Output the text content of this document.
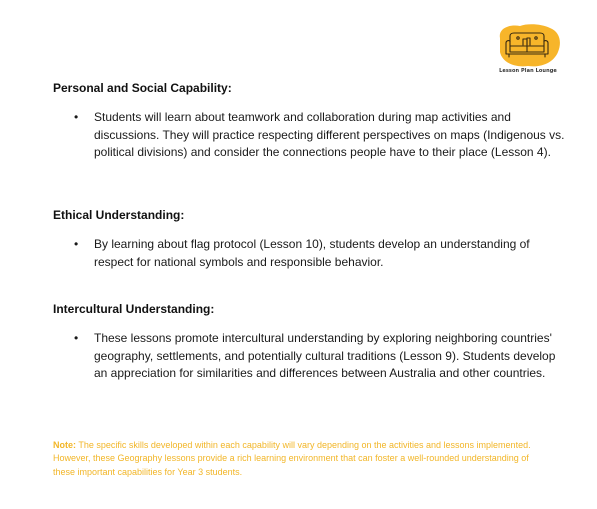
Lesson Plan Lounge
Personal and Social Capability:
• Students will learn about teamwork and collaboration during map activities and discussions. They will practice respecting different perspectives on maps (Indigenous vs. political divisions) and consider the connections people have to their place (Lesson 4).
Ethical Understanding:
• By learning about flag protocol (Lesson 10), students develop an understanding of respect for national symbols and responsible behavior.
Intercultural Understanding:
• These lessons promote intercultural understanding by exploring neighboring countries' geography, settlements, and potentially cultural traditions (Lesson 9). Students develop an appreciation for similarities and differences between Australia and other countries.

Note: The specific skills developed within each capability will vary depending on the activities and lessons implemented. However, these Geography lessons provide a rich learning environment that can foster a well-rounded understanding of these important capabilities for Year 3 students.
